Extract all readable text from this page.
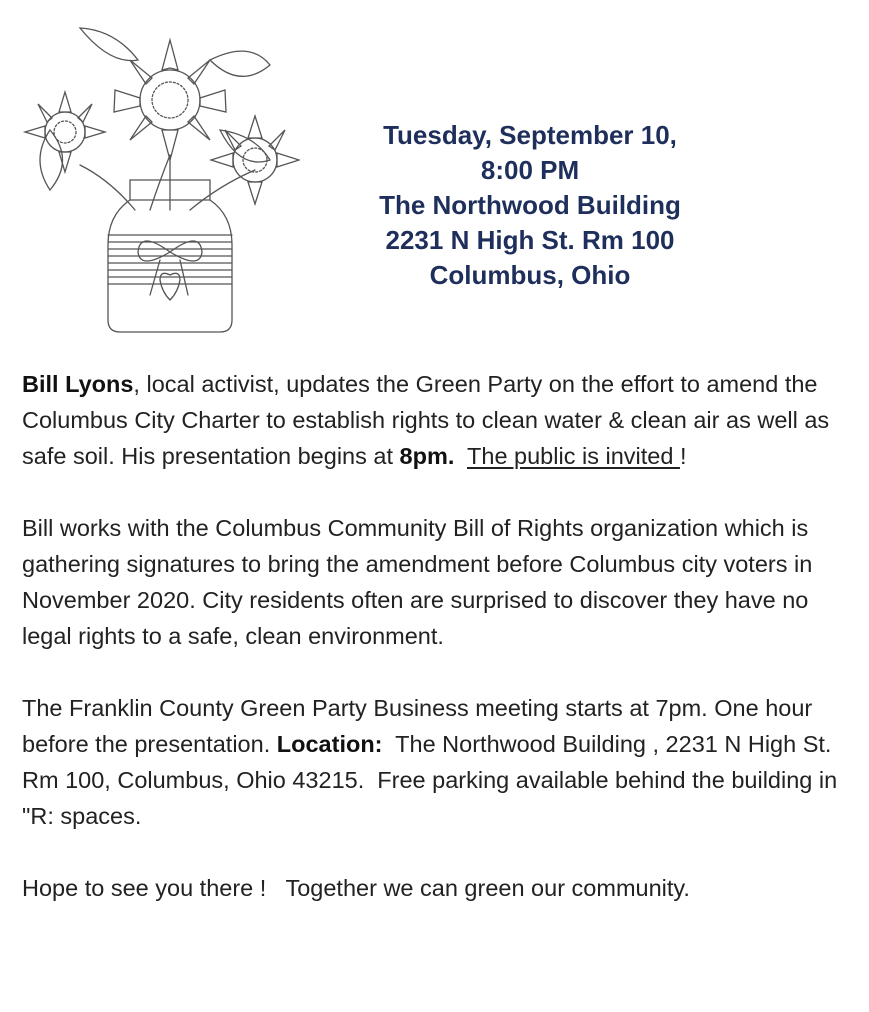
Tuesday, September 10,
8:00 PM
The Northwood Building
2231 N High St. Rm 100
Columbus, Ohio

Bill Lyons, local activist, updates the Green Party on the effort to amend the Columbus City Charter to establish rights to clean water & clean air as well as safe soil. His presentation begins at 8pm. The public is invited !

Bill works with the Columbus Community Bill of Rights organization which is gathering signatures to bring the amendment before Columbus city voters in November 2020. City residents often are surprised to discover they have no legal rights to a safe, clean environment.

The Franklin County Green Party Business meeting starts at 7pm. One hour before the presentation. Location:  The Northwood Building , 2231 N High St. Rm 100, Columbus, Ohio 43215.  Free parking available behind the building in "R: spaces.

Hope to see you there !   Together we can green our community.
